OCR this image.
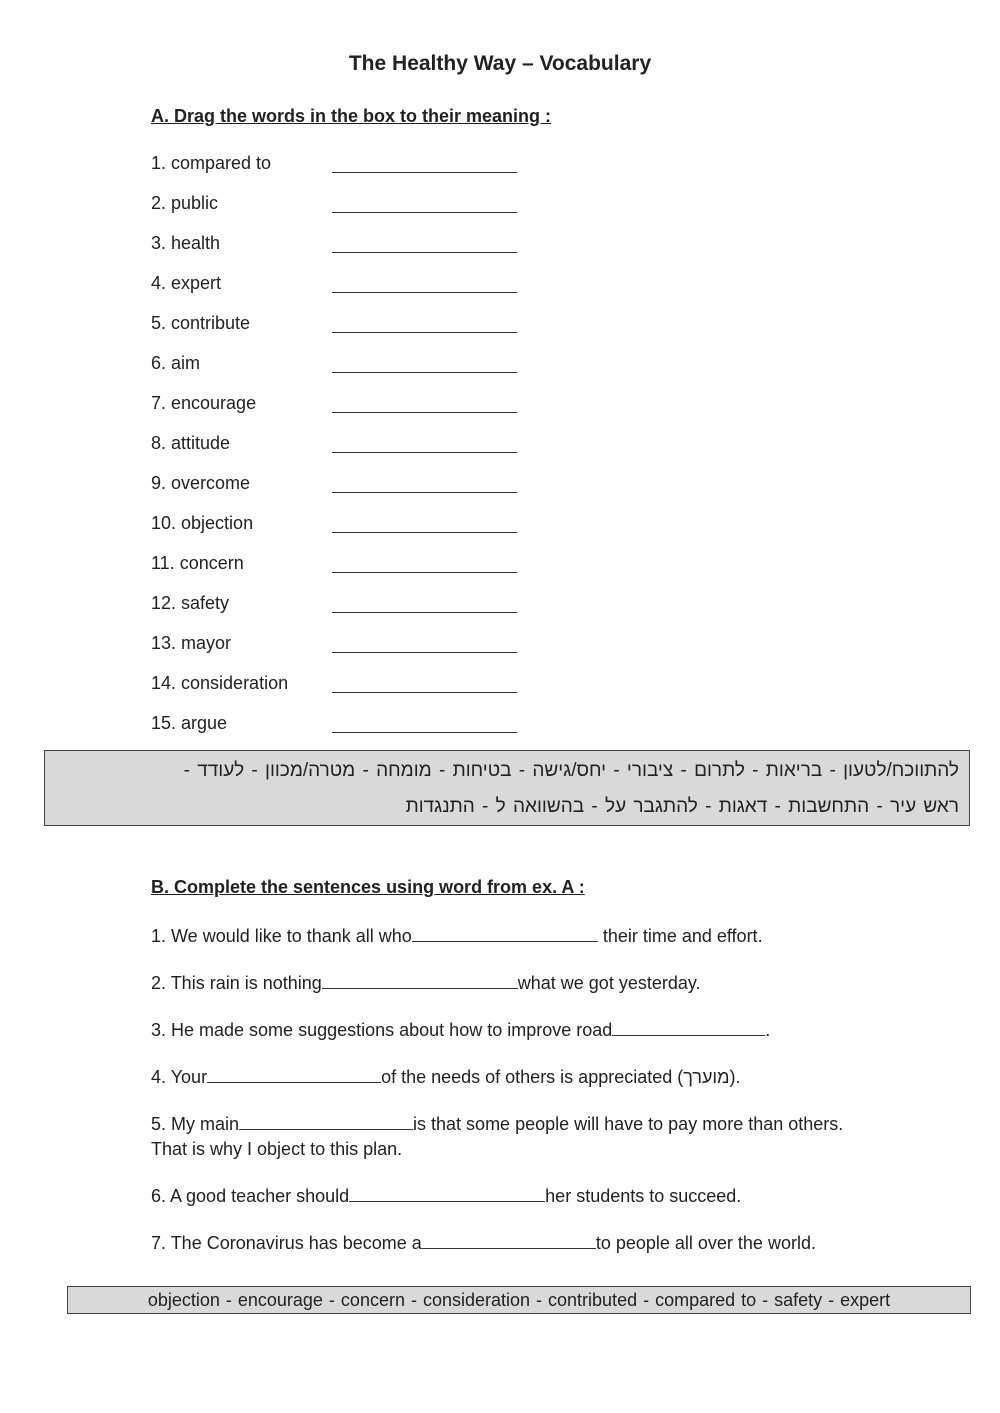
The Healthy Way – Vocabulary
A. Drag the words in the box to their meaning :
1. compared to
2. public
3. health
4. expert
5. contribute
6. aim
7. encourage
8. attitude
9. overcome
10. objection
11. concern
12. safety
13. mayor
14. consideration
15. argue
להתווכח/לטעון - בריאות - לתרום - ציבורי - יחס/גישה - בטיחות - מומחה - מטרה/מכוון - לעודד -
ראש עיר - התחשבות - דאגות - להתגבר על - בהשוואה ל - התנגדות
B. Complete the sentences using word from ex. A :
1. We would like to thank all who	their time and effort.
2. This rain is nothing	what we got yesterday.
3. He made some suggestions about how to improve road	.
4. Your	of the needs of others is appreciated (מוערך).
5. My main	is that some people will have to pay more than others. That is why I object to this plan.
6. A good teacher should	her students to succeed.
7. The Coronavirus has become a	to people all over the world.
objection - encourage - concern - consideration - contributed - compared to - safety - expert
